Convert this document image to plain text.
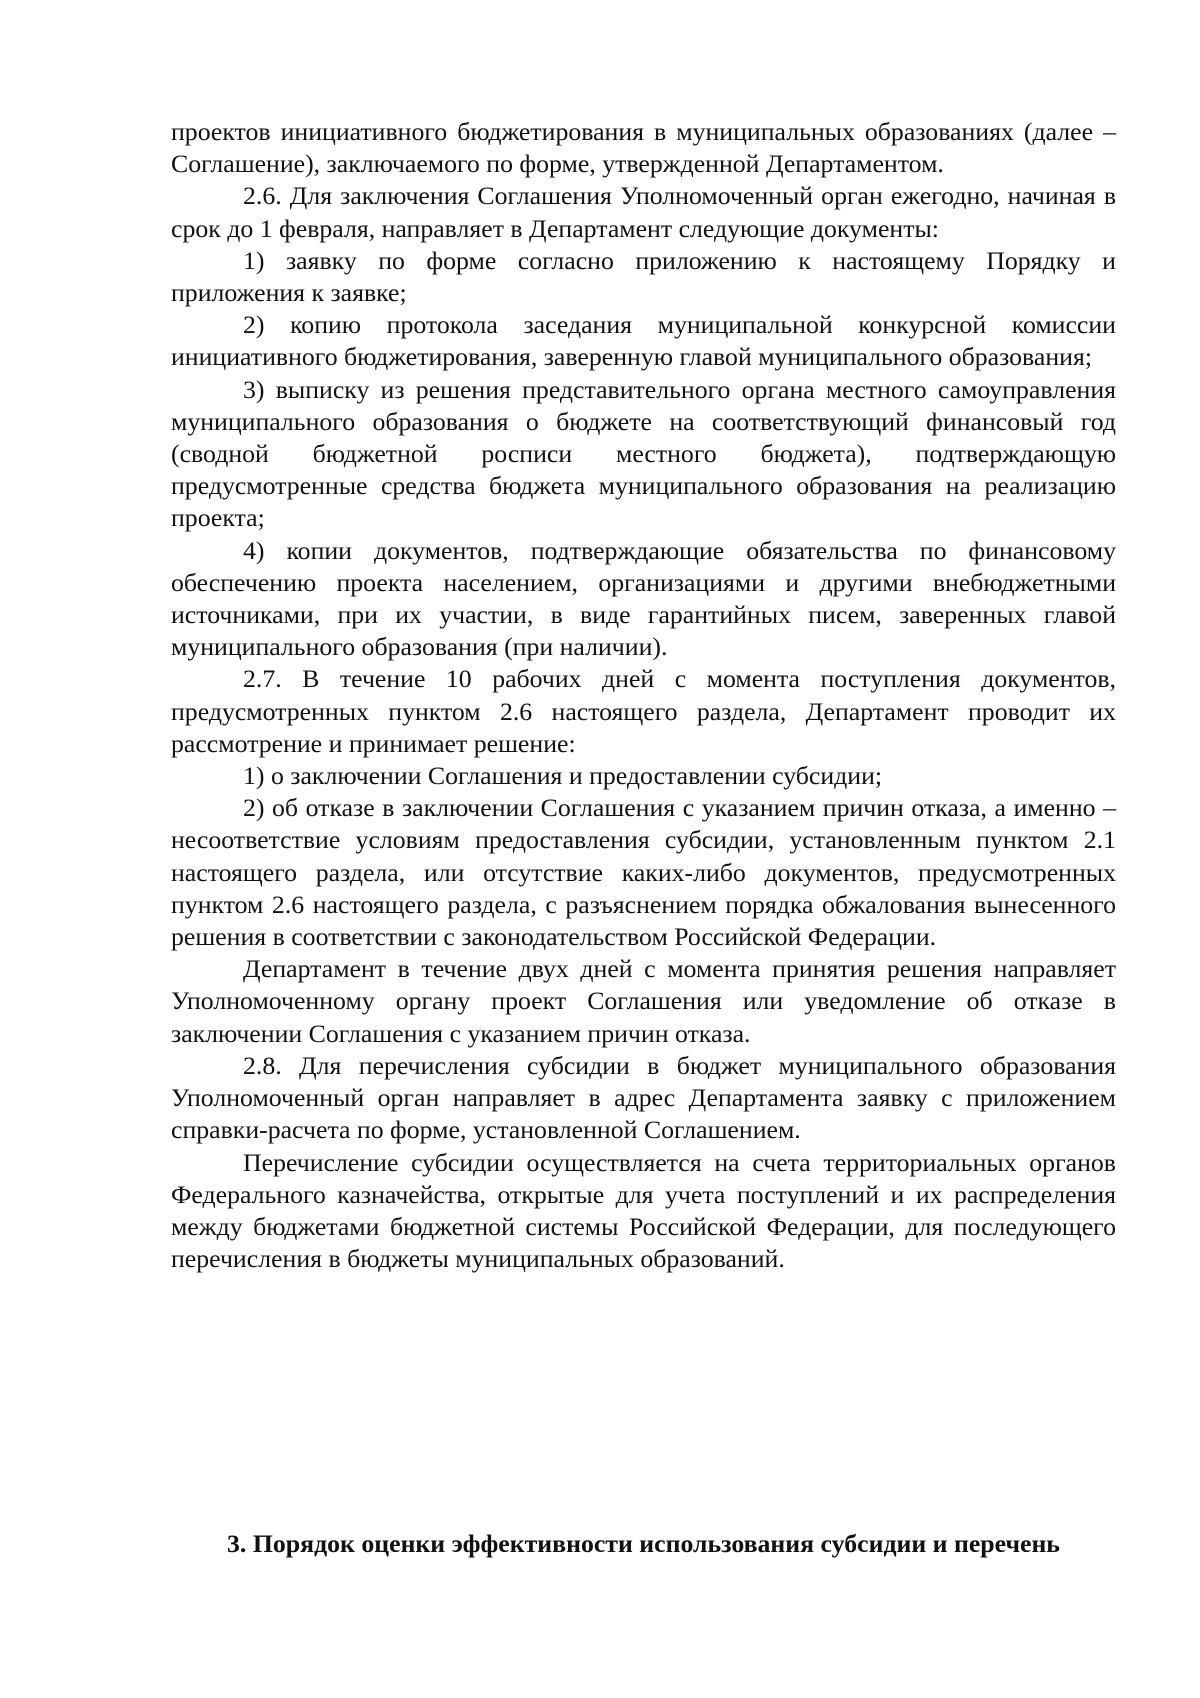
проектов инициативного бюджетирования в муниципальных образованиях (далее – Соглашение), заключаемого по форме, утвержденной Департаментом.

2.6. Для заключения Соглашения Уполномоченный орган ежегодно, начиная в срок до 1 февраля, направляет в Департамент следующие документы:

1) заявку по форме согласно приложению к настоящему Порядку и приложения к заявке;

2) копию протокола заседания муниципальной конкурсной комиссии инициативного бюджетирования, заверенную главой муниципального образования;

3) выписку из решения представительного органа местного самоуправления муниципального образования о бюджете на соответствующий финансовый год (сводной бюджетной росписи местного бюджета), подтверждающую предусмотренные средства бюджета муниципального образования на реализацию проекта;

4) копии документов, подтверждающие обязательства по финансовому обеспечению проекта населением, организациями и другими внебюджетными источниками, при их участии, в виде гарантийных писем, заверенных главой муниципального образования (при наличии).

2.7. В течение 10 рабочих дней с момента поступления документов, предусмотренных пунктом 2.6 настоящего раздела, Департамент проводит их рассмотрение и принимает решение:

1) о заключении Соглашения и предоставлении субсидии;

2) об отказе в заключении Соглашения с указанием причин отказа, а именно – несоответствие условиям предоставления субсидии, установленным пунктом 2.1 настоящего раздела, или отсутствие каких-либо документов, предусмотренных пунктом 2.6 настоящего раздела, с разъяснением порядка обжалования вынесенного решения в соответствии с законодательством Российской Федерации.

Департамент в течение двух дней с момента принятия решения направляет Уполномоченному органу проект Соглашения или уведомление об отказе в заключении Соглашения с указанием причин отказа.

2.8. Для перечисления субсидии в бюджет муниципального образования Уполномоченный орган направляет в адрес Департамента заявку с приложением справки-расчета по форме, установленной Соглашением.

Перечисление субсидии осуществляется на счета территориальных органов Федерального казначейства, открытые для учета поступлений и их распределения между бюджетами бюджетной системы Российской Федерации, для последующего перечисления в бюджеты муниципальных образований.

3. Порядок оценки эффективности использования субсидии и перечень
